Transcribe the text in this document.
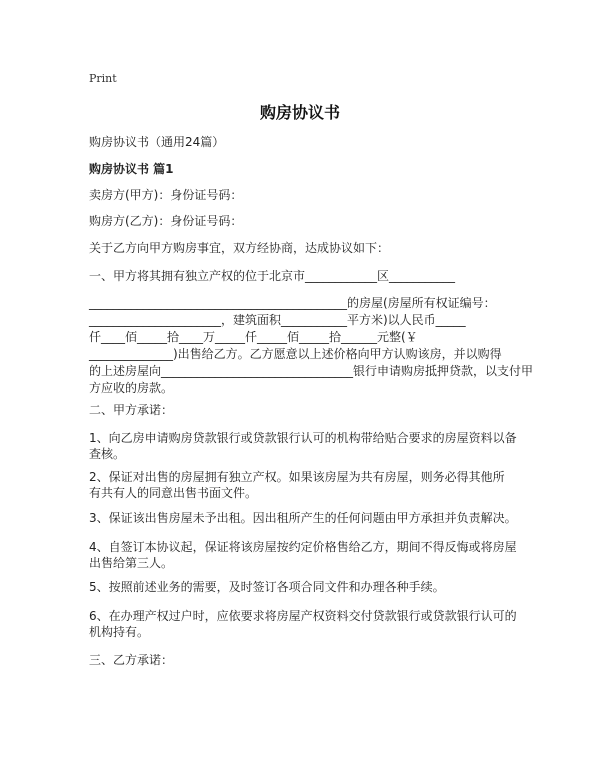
Print
购房协议书
购房协议书（通用24篇）
购房协议书 篇1
卖房方(甲方)：身份证号码：
购房方(乙方)：身份证号码：
关于乙方向甲方购房事宜，双方经协商，达成协议如下：
一、甲方将其拥有独立产权的位于北京市____________区___________
___________________________________________的房屋(房屋所有权证编号：
______________________，建筑面积___________平方米)以人民币_____
仟____佰_____拾____万_____仟_____佰_____拾______元整(￥
______________)出售给乙方。乙方愿意以上述价格向甲方认购该房，并以购得
的上述房屋向________________________________银行申请购房抵押贷款，以支付甲
方应收的房款。
二、甲方承诺：
1、向乙房申请购房贷款银行或贷款银行认可的机构带给贴合要求的房屋资料以备
查核。
2、保证对出售的房屋拥有独立产权。如果该房屋为共有房屋，则务必得其他所
有共有人的同意出售书面文件。
3、保证该出售房屋未予出租。因出租所产生的任何问题由甲方承担并负责解决。
4、自签订本协议起，保证将该房屋按约定价格售给乙方，期间不得反悔或将房屋
出售给第三人。
5、按照前述业务的需要，及时签订各项合同文件和办理各种手续。
6、在办理产权过户时，应依要求将房屋产权资料交付贷款银行或贷款银行认可的
机构持有。
三、乙方承诺：
